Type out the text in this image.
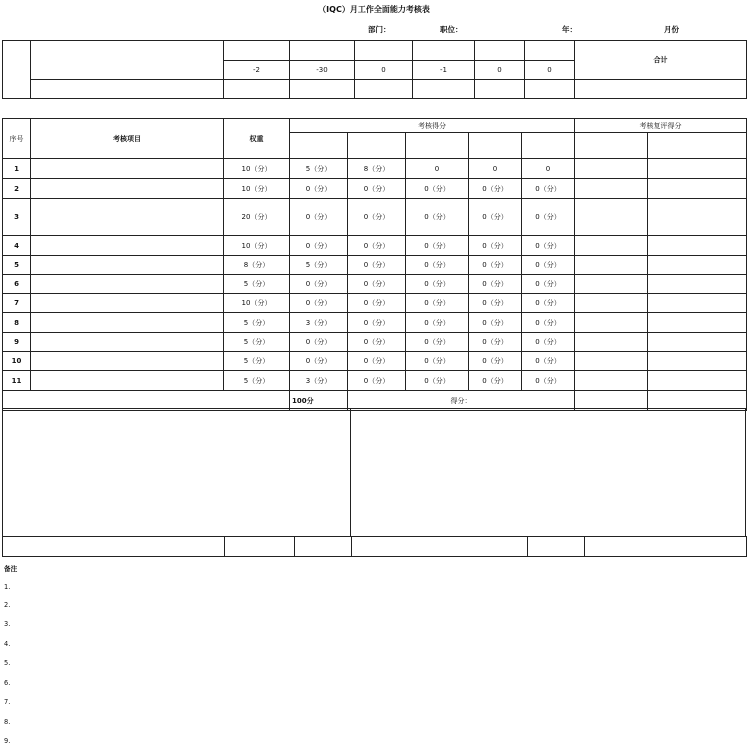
（IQC）月工作全面能力考核表
部门：	职位：	年：	月份
								合计
		-2	-30	0	-1	0	0	

序号	考核项目	权重	考核得分					考核复评得分	

1		10（分）	5（分）	8（分）	0	0	0		
2		10（分）	0（分）	0（分）	0（分）	0（分）	0（分）		
3		20（分）	0（分）	0（分）	0（分）	0（分）	0（分）		
4		10（分）	0（分）	0（分）	0（分）	0（分）	0（分）		
5		8（分）	5（分）	0（分）	0（分）	0（分）	0（分）		
6		5（分）	0（分）	0（分）	0（分）	0（分）	0（分）		
7		10（分）	0（分）	0（分）	0（分）	0（分）	0（分）		
8		5（分）	3（分）	0（分）	0（分）	0（分）	0（分）		
9		5（分）	0（分）	0（分）	0（分）	0（分）	0（分）		
10		5（分）	0（分）	0（分）	0（分）	0（分）	0（分）		
11		5（分）	3（分）	0（分）	0（分）	0（分）	0（分）		
			100分	得分：					

备注
1.
2.
3.
4.
5.
6.
7.
8.
9.
